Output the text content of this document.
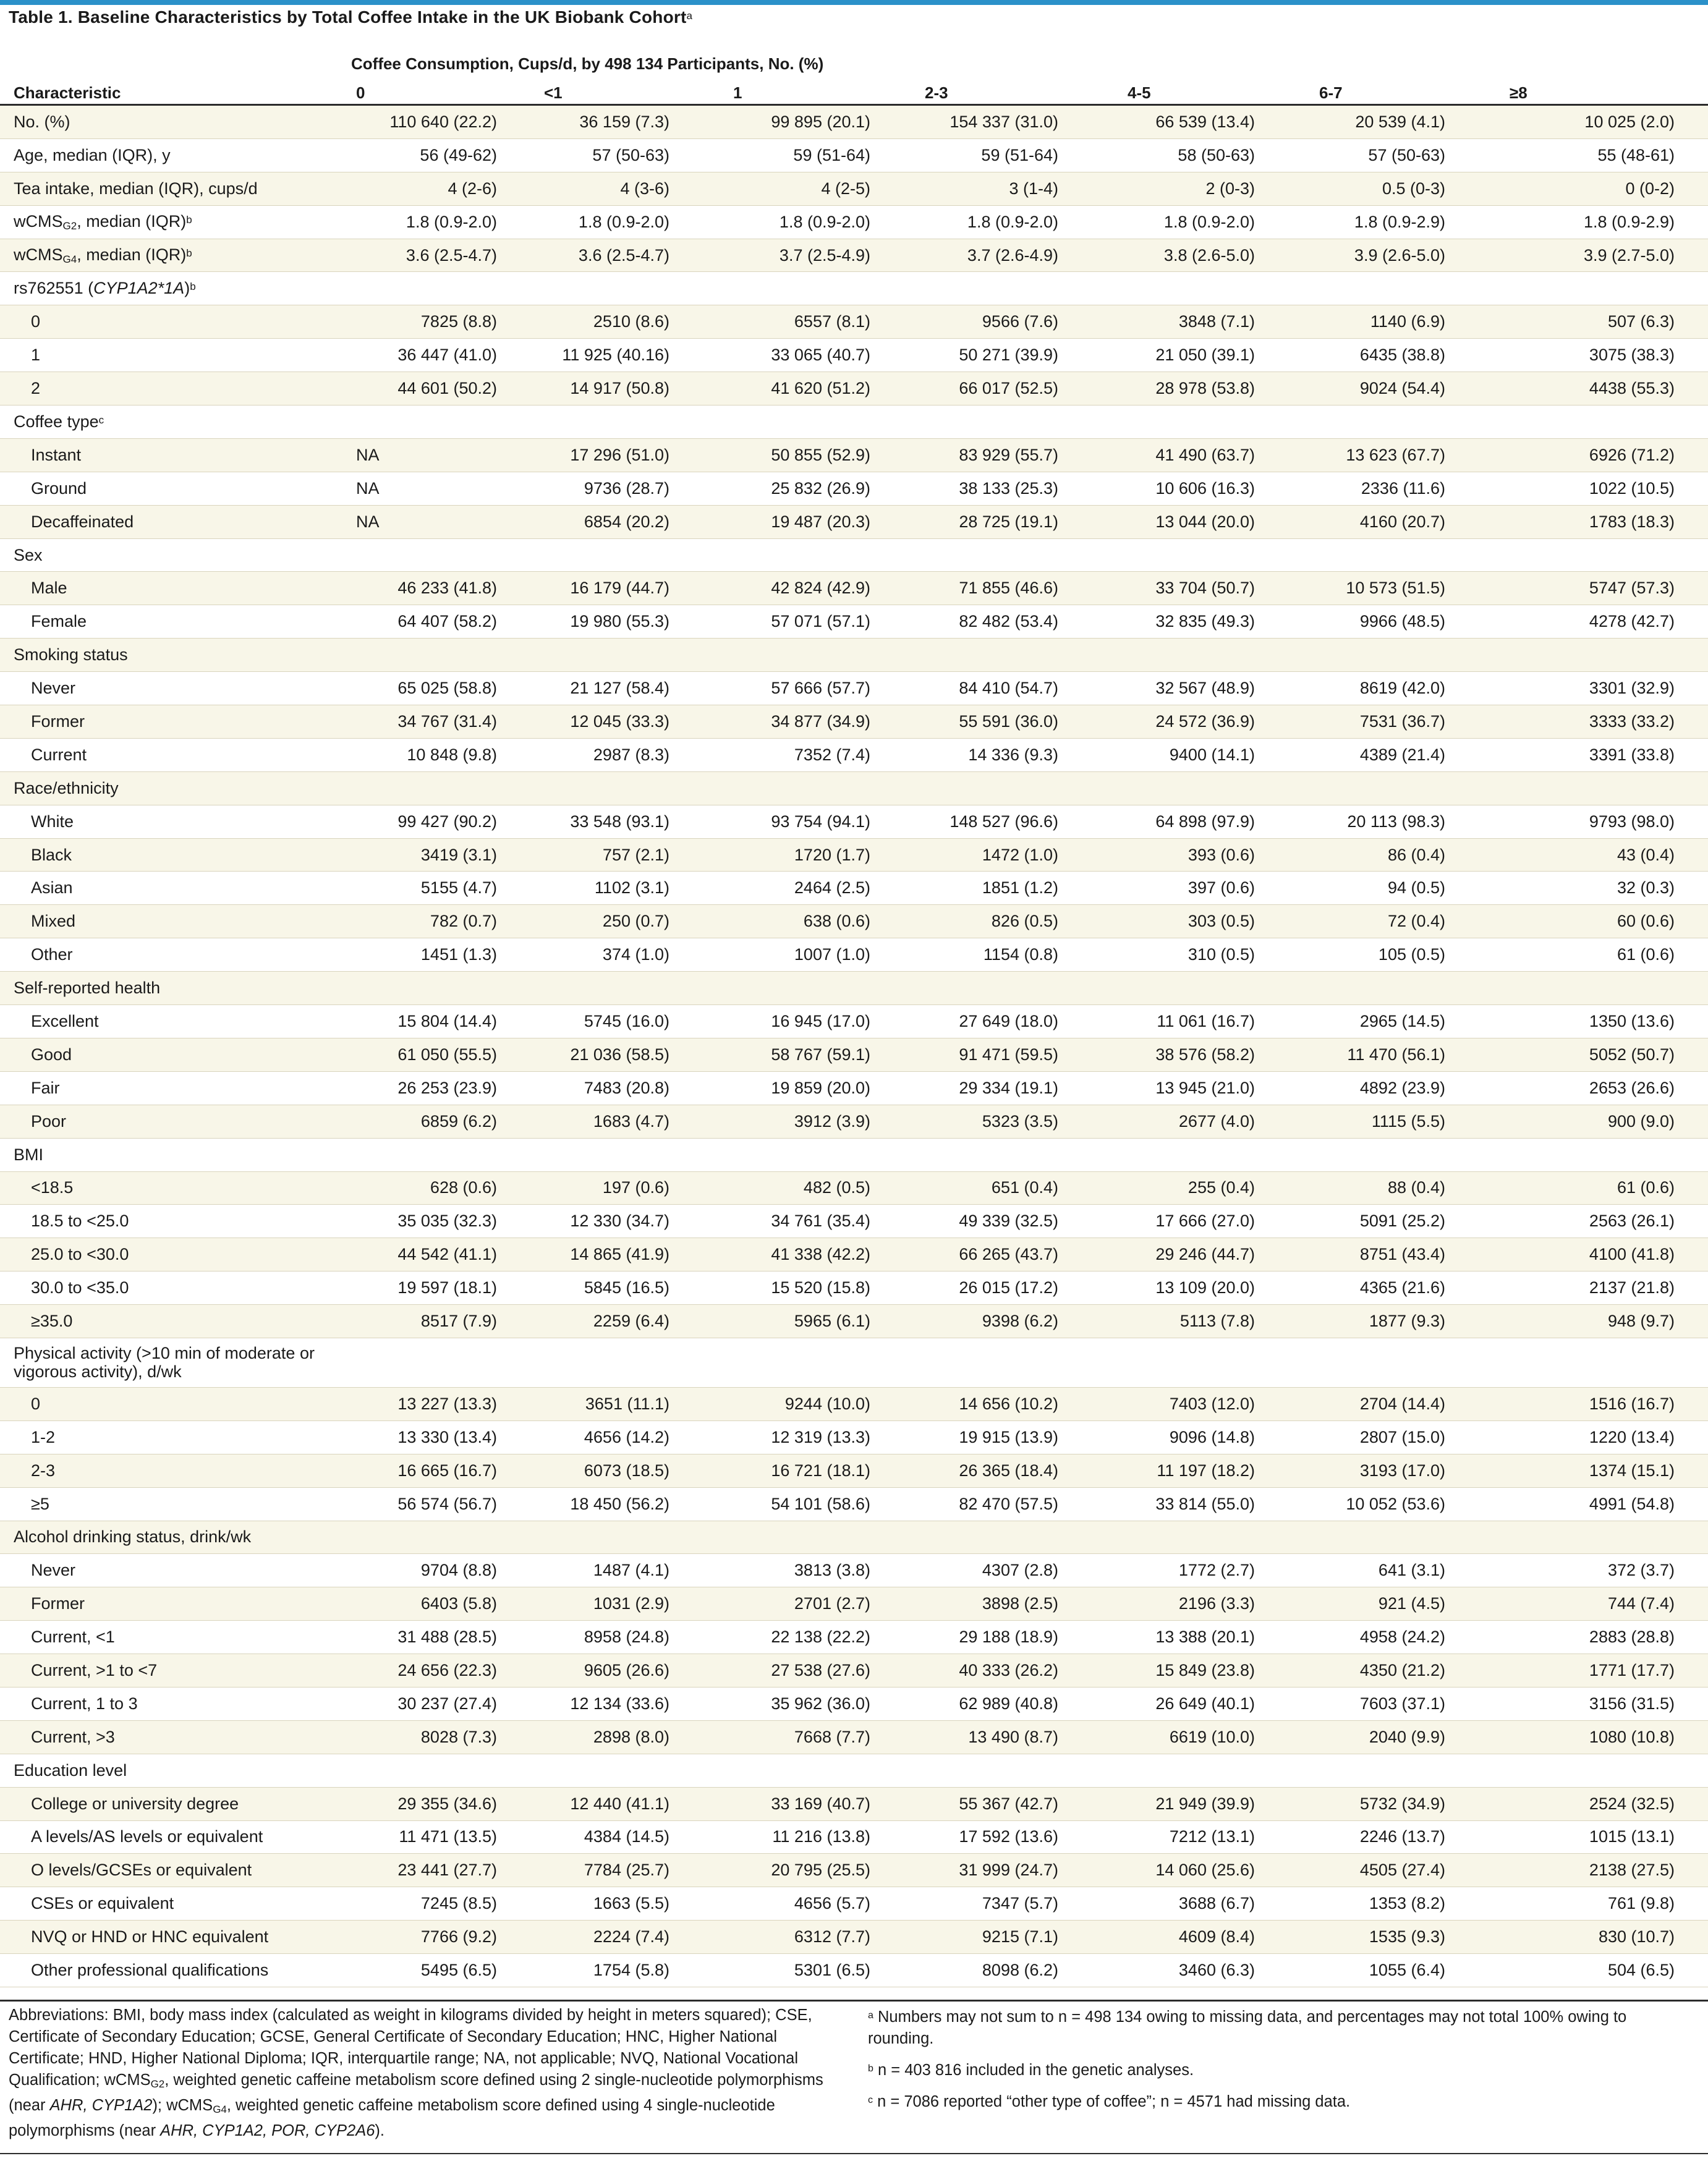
Table 1. Baseline Characteristics by Total Coffee Intake in the UK Biobank Cohort$^a$
	Coffee Consumption, Cups/d, by 498 134 Participants, No. (%)						
Characteristic	0	<1	1	2-3	4-5	6-7	≥8
No. (%)	110 640 (22.2)	36 159 (7.3)	99 895 (20.1)	154 337 (31.0)	66 539 (13.4)	20 539 (4.1)	10 025 (2.0)
Age, median (IQR), y	56 (49-62)	57 (50-63)	59 (51-64)	59 (51-64)	58 (50-63)	57 (50-63)	55 (48-61)
Tea intake, median (IQR), cups/d	4 (2-6)	4 (3-6)	4 (2-5)	3 (1-4)	2 (0-3)	0.5 (0-3)	0 (0-2)
wCMS$_{G2}$, median (IQR)$^b$	1.8 (0.9-2.0)	1.8 (0.9-2.0)	1.8 (0.9-2.0)	1.8 (0.9-2.0)	1.8 (0.9-2.0)	1.8 (0.9-2.9)	1.8 (0.9-2.9)
wCMS$_{G4}$, median (IQR)$^b$	3.6 (2.5-4.7)	3.6 (2.5-4.7)	3.7 (2.5-4.9)	3.7 (2.6-4.9)	3.8 (2.6-5.0)	3.9 (2.6-5.0)	3.9 (2.7-5.0)
rs762551 $(CYP1A2*1A)^b$							
0	7825 (8.8)	2510 (8.6)	6557 (8.1)	9566 (7.6)	3848 (7.1)	1140 (6.9)	507 (6.3)
1	36 447 (41.0)	11 925 (40.16)	33 065 (40.7)	50 271 (39.9)	21 050 (39.1)	6435 (38.8)	3075 (38.3)
2	44 601 (50.2)	14 917 (50.8)	41 620 (51.2)	66 017 (52.5)	28 978 (53.8)	9024 (54.4)	4438 (55.3)
Coffee type$^c$							
Instant	NA	17 296 (51.0)	50 855 (52.9)	83 929 (55.7)	41 490 (63.7)	13 623 (67.7)	6926 (71.2)
Ground	NA	9736 (28.7)	25 832 (26.9)	38 133 (25.3)	10 606 (16.3)	2336 (11.6)	1022 (10.5)
Decaffeinated	NA	6854 (20.2)	19 487 (20.3)	28 725 (19.1)	13 044 (20.0)	4160 (20.7)	1783 (18.3)
Sex							
Male	46 233 (41.8)	16 179 (44.7)	42 824 (42.9)	71 855 (46.6)	33 704 (50.7)	10 573 (51.5)	5747 (57.3)
Female	64 407 (58.2)	19 980 (55.3)	57 071 (57.1)	82 482 (53.4)	32 835 (49.3)	9966 (48.5)	4278 (42.7)
Smoking status							
Never	65 025 (58.8)	21 127 (58.4)	57 666 (57.7)	84 410 (54.7)	32 567 (48.9)	8619 (42.0)	3301 (32.9)
Former	34 767 (31.4)	12 045 (33.3)	34 877 (34.9)	55 591 (36.0)	24 572 (36.9)	7531 (36.7)	3333 (33.2)
Current	10 848 (9.8)	2987 (8.3)	7352 (7.4)	14 336 (9.3)	9400 (14.1)	4389 (21.4)	3391 (33.8)
Race/ethnicity							
White	99 427 (90.2)	33 548 (93.1)	93 754 (94.1)	148 527 (96.6)	64 898 (97.9)	20 113 (98.3)	9793 (98.0)
Black	3419 (3.1)	757 (2.1)	1720 (1.7)	1472 (1.0)	393 (0.6)	86 (0.4)	43 (0.4)
Asian	5155 (4.7)	1102 (3.1)	2464 (2.5)	1851 (1.2)	397 (0.6)	94 (0.5)	32 (0.3)
Mixed	782 (0.7)	250 (0.7)	638 (0.6)	826 (0.5)	303 (0.5)	72 (0.4)	60 (0.6)
Other	1451 (1.3)	374 (1.0)	1007 (1.0)	1154 (0.8)	310 (0.5)	105 (0.5)	61 (0.6)
Self-reported health							
Excellent	15 804 (14.4)	5745 (16.0)	16 945 (17.0)	27 649 (18.0)	11 061 (16.7)	2965 (14.5)	1350 (13.6)
Good	61 050 (55.5)	21 036 (58.5)	58 767 (59.1)	91 471 (59.5)	38 576 (58.2)	11 470 (56.1)	5052 (50.7)
Fair	26 253 (23.9)	7483 (20.8)	19 859 (20.0)	29 334 (19.1)	13 945 (21.0)	4892 (23.9)	2653 (26.6)
Poor	6859 (6.2)	1683 (4.7)	3912 (3.9)	5323 (3.5)	2677 (4.0)	1115 (5.5)	900 (9.0)
BMI							
<18.5	628 (0.6)	197 (0.6)	482 (0.5)	651 (0.4)	255 (0.4)	88 (0.4)	61 (0.6)
18.5 to <25.0	35 035 (32.3)	12 330 (34.7)	34 761 (35.4)	49 339 (32.5)	17 666 (27.0)	5091 (25.2)	2563 (26.1)
25.0 to <30.0	44 542 (41.1)	14 865 (41.9)	41 338 (42.2)	66 265 (43.7)	29 246 (44.7)	8751 (43.4)	4100 (41.8)
30.0 to <35.0	19 597 (18.1)	5845 (16.5)	15 520 (15.8)	26 015 (17.2)	13 109 (20.0)	4365 (21.6)	2137 (21.8)
≥35.0	8517 (7.9)	2259 (6.4)	5965 (6.1)	9398 (6.2)	5113 (7.8)	1877 (9.3)	948 (9.7)
Physical activity (>10 min of moderate or vigorous activity), d/wk							
0	13 227 (13.3)	3651 (11.1)	9244 (10.0)	14 656 (10.2)	7403 (12.0)	2704 (14.4)	1516 (16.7)
1-2	13 330 (13.4)	4656 (14.2)	12 319 (13.3)	19 915 (13.9)	9096 (14.8)	2807 (15.0)	1220 (13.4)
2-3	16 665 (16.7)	6073 (18.5)	16 721 (18.1)	26 365 (18.4)	11 197 (18.2)	3193 (17.0)	1374 (15.1)
≥5	56 574 (56.7)	18 450 (56.2)	54 101 (58.6)	82 470 (57.5)	33 814 (55.0)	10 052 (53.6)	4991 (54.8)
Alcohol drinking status, drink/wk							
Never	9704 (8.8)	1487 (4.1)	3813 (3.8)	4307 (2.8)	1772 (2.7)	641 (3.1)	372 (3.7)
Former	6403 (5.8)	1031 (2.9)	2701 (2.7)	3898 (2.5)	2196 (3.3)	921 (4.5)	744 (7.4)
Current, <1	31 488 (28.5)	8958 (24.8)	22 138 (22.2)	29 188 (18.9)	13 388 (20.1)	4958 (24.2)	2883 (28.8)
Current, >1 to <7	24 656 (22.3)	9605 (26.6)	27 538 (27.6)	40 333 (26.2)	15 849 (23.8)	4350 (21.2)	1771 (17.7)
Current, 1 to 3	30 237 (27.4)	12 134 (33.6)	35 962 (36.0)	62 989 (40.8)	26 649 (40.1)	7603 (37.1)	3156 (31.5)
Current, >3	8028 (7.3)	2898 (8.0)	7668 (7.7)	13 490 (8.7)	6619 (10.0)	2040 (9.9)	1080 (10.8)
Education level							
College or university degree	29 355 (34.6)	12 440 (41.1)	33 169 (40.7)	55 367 (42.7)	21 949 (39.9)	5732 (34.9)	2524 (32.5)
A levels/AS levels or equivalent	11 471 (13.5)	4384 (14.5)	11 216 (13.8)	17 592 (13.6)	7212 (13.1)	2246 (13.7)	1015 (13.1)
O levels/GCSEs or equivalent	23 441 (27.7)	7784 (25.7)	20 795 (25.5)	31 999 (24.7)	14 060 (25.6)	4505 (27.4)	2138 (27.5)
CSEs or equivalent	7245 (8.5)	1663 (5.5)	4656 (5.7)	7347 (5.7)	3688 (6.7)	1353 (8.2)	761 (9.8)
NVQ or HND or HNC equivalent	7766 (9.2)	2224 (7.4)	6312 (7.7)	9215 (7.1)	4609 (8.4)	1535 (9.3)	830 (10.7)
Other professional qualifications	5495 (6.5)	1754 (5.8)	5301 (6.5)	8098 (6.2)	3460 (6.3)	1055 (6.4)	504 (6.5)
Abbreviations: BMI, body mass index (calculated as weight in kilograms divided by height in meters squared); CSE, Certificate of Secondary Education; GCSE, General Certificate of Secondary Education; HNC, Higher National Certificate; HND, Higher National Diploma; IQR, interquartile range; NA, not applicable; NVQ, National Vocational Qualification; wCMS$_{G2}$, weighted genetic caffeine metabolism score defined using 2 single-nucleotide polymorphisms (near AHR, CYP1A2); wCMS$_{G4}$, weighted genetic caffeine metabolism score defined using 4 single-nucleotide polymorphisms (near AHR, CYP1A2, POR, CYP2A6).
$^a$ Numbers may not sum to n = 498 134 owing to missing data, and percentages may not total 100% owing to rounding.
$^b$ n = 403 816 included in the genetic analyses.
$^c$ n = 7086 reported “other type of coffee”; n = 4571 had missing data.
